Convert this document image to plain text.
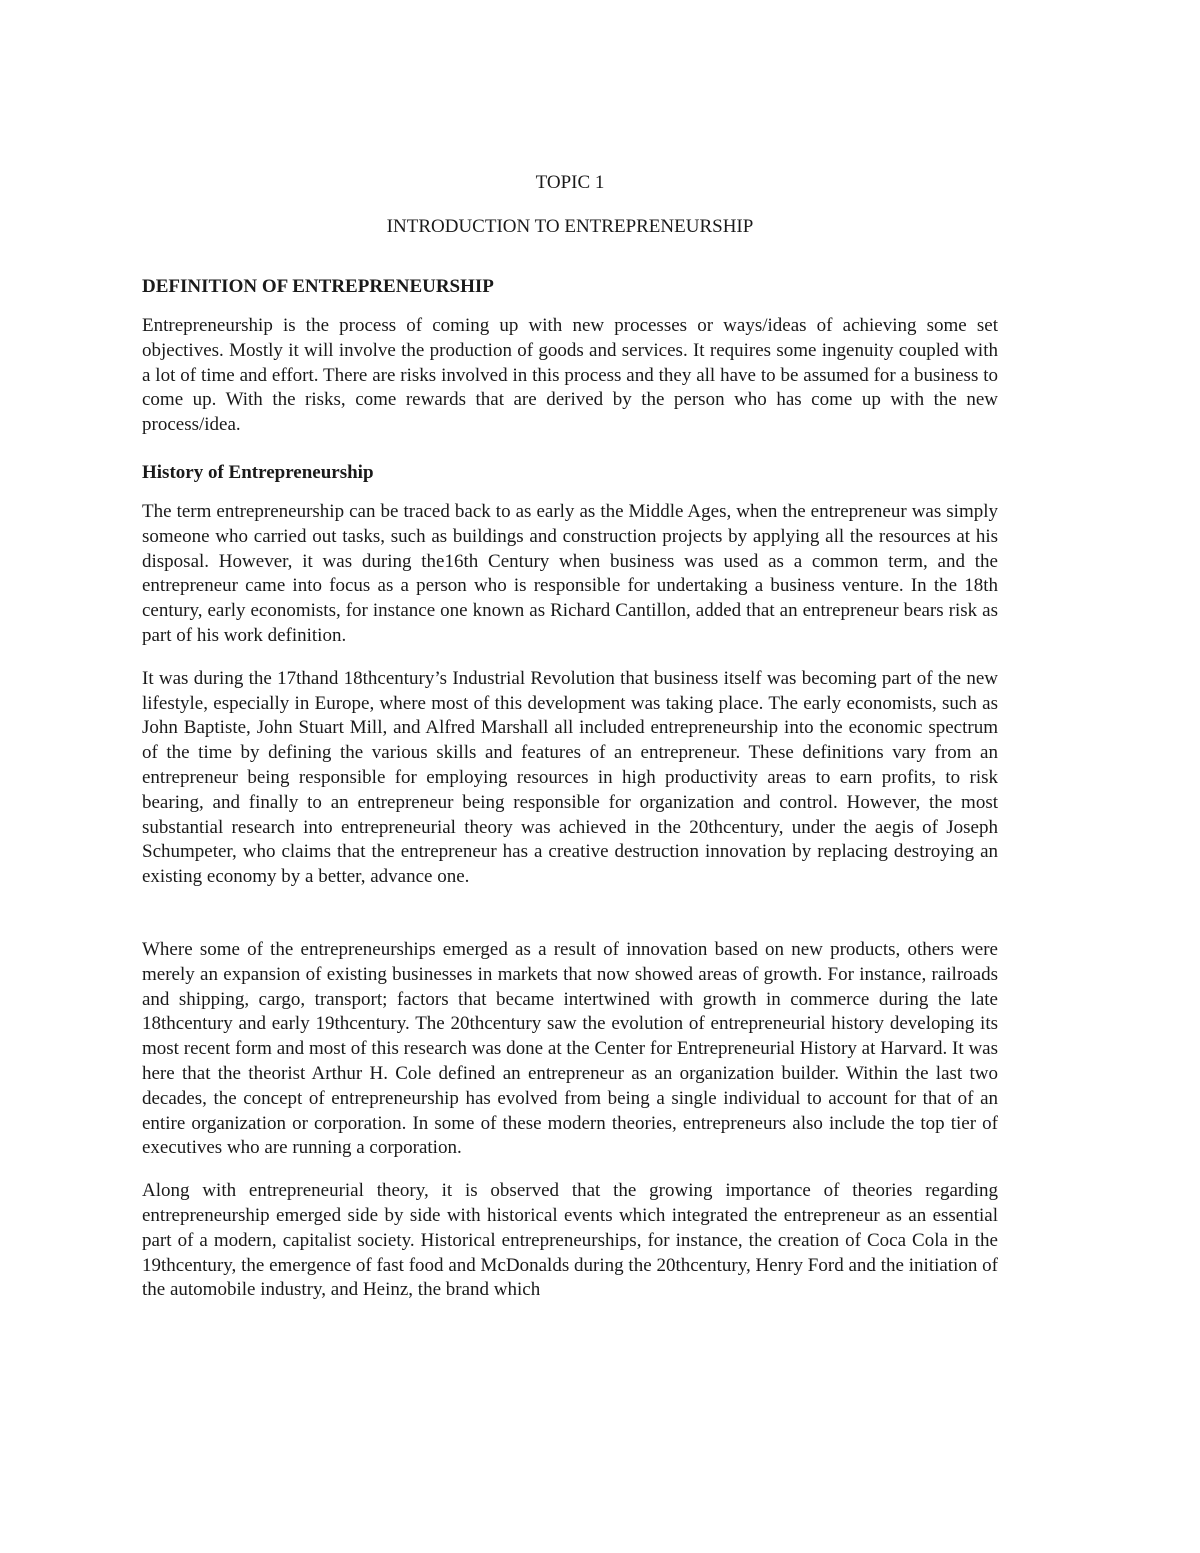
TOPIC 1
INTRODUCTION TO ENTREPRENEURSHIP
DEFINITION OF ENTREPRENEURSHIP

Entrepreneurship is the process of coming up with new processes or ways/ideas of achieving some set objectives. Mostly it will involve the production of goods and services. It requires some ingenuity coupled with a lot of time and effort. There are risks involved in this process and they all have to be assumed for a business to come up. With the risks, come rewards that are derived by the person who has come up with the new process/idea.

History of Entrepreneurship

The term entrepreneurship can be traced back to as early as the Middle Ages, when the entrepreneur was simply someone who carried out tasks, such as buildings and construction projects by applying all the resources at his disposal. However, it was during the16th Century when business was used as a common term, and the entrepreneur came into focus as a person who is responsible for undertaking a business venture. In the 18th century, early economists, for instance one known as Richard Cantillon, added that an entrepreneur bears risk as part of his work definition.

It was during the 17thand 18thcentury’s Industrial Revolution that business itself was becoming part of the new lifestyle, especially in Europe, where most of this development was taking place. The early economists, such as John Baptiste, John Stuart Mill, and Alfred Marshall all included entrepreneurship into the economic spectrum of the time by defining the various skills and features of an entrepreneur. These definitions vary from an entrepreneur being responsible for employing resources in high productivity areas to earn profits, to risk bearing, and finally to an entrepreneur being responsible for organization and control. However, the most substantial research into entrepreneurial theory was achieved in the 20thcentury, under the aegis of Joseph Schumpeter, who claims that the entrepreneur has a creative destruction innovation by replacing destroying an existing economy by a better, advance one.

Where some of the entrepreneurships emerged as a result of innovation based on new products, others were merely an expansion of existing businesses in markets that now showed areas of growth. For instance, railroads and shipping, cargo, transport; factors that became intertwined with growth in commerce during the late 18thcentury and early 19thcentury. The 20thcentury saw the evolution of entrepreneurial history developing its most recent form and most of this research was done at the Center for Entrepreneurial History at Harvard. It was here that the theorist Arthur H. Cole defined an entrepreneur as an organization builder. Within the last two decades, the concept of entrepreneurship has evolved from being a single individual to account for that of an entire organization or corporation. In some of these modern theories, entrepreneurs also include the top tier of executives who are running a corporation.

Along with entrepreneurial theory, it is observed that the growing importance of theories regarding entrepreneurship emerged side by side with historical events which integrated the entrepreneur as an essential part of a modern, capitalist society. Historical entrepreneurships, for instance, the creation of Coca Cola in the 19thcentury, the emergence of fast food and McDonalds during the 20thcentury, Henry Ford and the initiation of the automobile industry, and Heinz, the brand which
